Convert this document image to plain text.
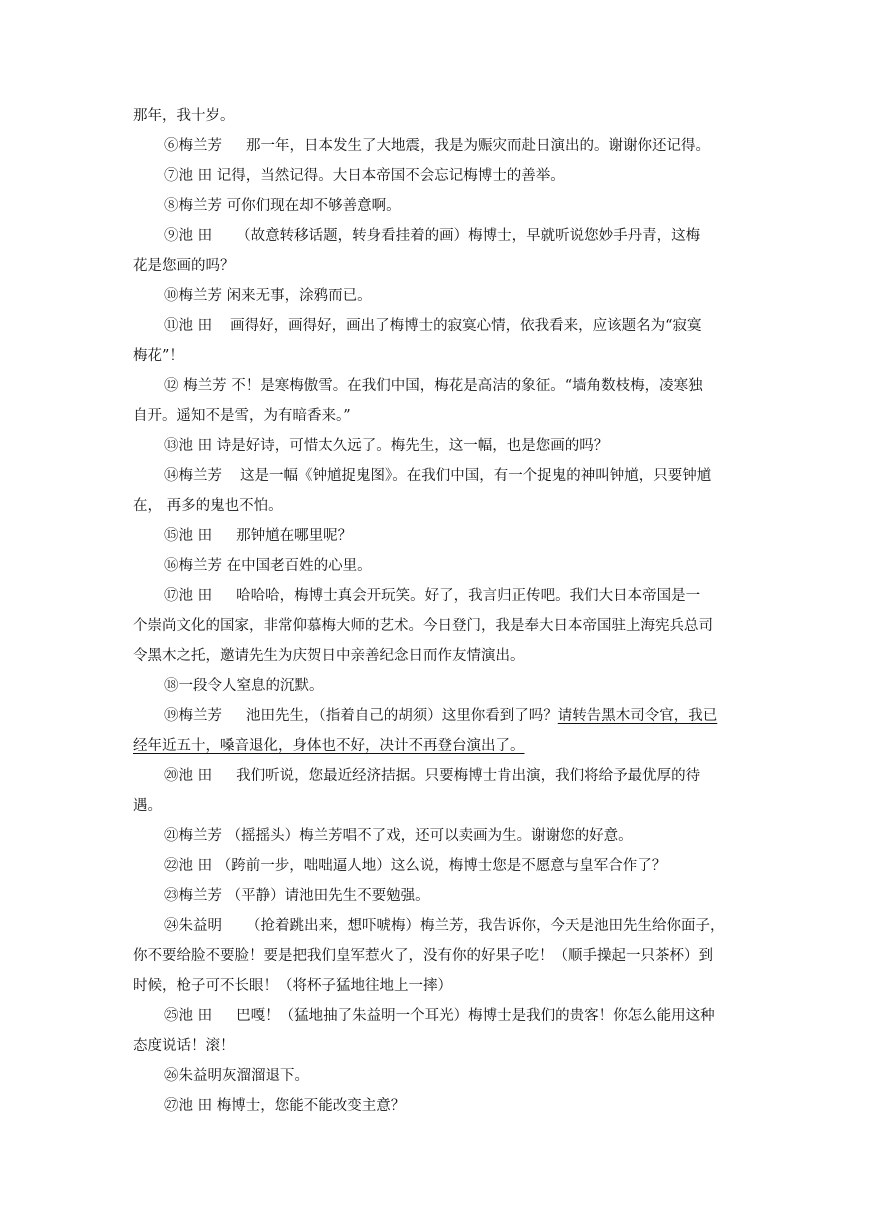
那年，我十岁。
⑥梅兰芳 那一年，日本发生了大地震，我是为赈灾而赴日演出的。谢谢你还记得。
⑦池 田 记得，当然记得。大日本帝国不会忘记梅博士的善举。
⑧梅兰芳 可你们现在却不够善意啊。
⑨池 田 （故意转移话题，转身看挂着的画）梅博士，早就听说您妙手丹青，这梅
花是您画的吗？
⑩梅兰芳 闲来无事，涂鸦而已。
⑪池 田 画得好，画得好，画出了梅博士的寂寞心情，依我看来，应该题名为“寂寞
梅花”！
⑫ 梅兰芳 不！是寒梅傲雪。在我们中国，梅花是高洁的象征。“墙角数枝梅，凌寒独
自开。遥知不是雪，为有暗香来。”
⑬池 田 诗是好诗，可惜太久远了。梅先生，这一幅，也是您画的吗？
⑭梅兰芳 这是一幅《钟馗捉鬼图》。在我们中国，有一个捉鬼的神叫钟馗，只要钟馗
在， 再多的鬼也不怕。
⑮池 田 那钟馗在哪里呢？
⑯梅兰芳 在中国老百姓的心里。
⑰池 田 哈哈哈，梅博士真会开玩笑。好了，我言归正传吧。我们大日本帝国是一
个崇尚文化的国家，非常仰慕梅大师的艺术。今日登门，我是奉大日本帝国驻上海宪兵总司
令黑木之托，邀请先生为庆贺日中亲善纪念日而作友情演出。
⑱一段令人窒息的沉默。
⑲梅兰芳 池田先生，（指着自己的胡须）这里你看到了吗？请转告黑木司令官，我已
经年近五十，嗓音退化，身体也不好，决计不再登台演出了。
⑳池 田 我们听说，您最近经济拮据。只要梅博士肯出演，我们将给予最优厚的待
遇。
㉑梅兰芳 （摇摇头）梅兰芳唱不了戏，还可以卖画为生。谢谢您的好意。
㉒池 田 （跨前一步，咄咄逼人地）这么说，梅博士您是不愿意与皇军合作了？
㉓梅兰芳 （平静）请池田先生不要勉强。
㉔朱益明 （抢着跳出来，想吓唬梅）梅兰芳，我告诉你，今天是池田先生给你面子，
你不要给脸不要脸！要是把我们皇军惹火了，没有你的好果子吃！（顺手操起一只茶杯）到
时候，枪子可不长眼！（将杯子猛地往地上一摔）
㉕池 田 巴嘎！（猛地抽了朱益明一个耳光）梅博士是我们的贵客！你怎么能用这种
态度说话！滚！
㉖朱益明灰溜溜退下。
㉗池 田 梅博士，您能不能改变主意？
